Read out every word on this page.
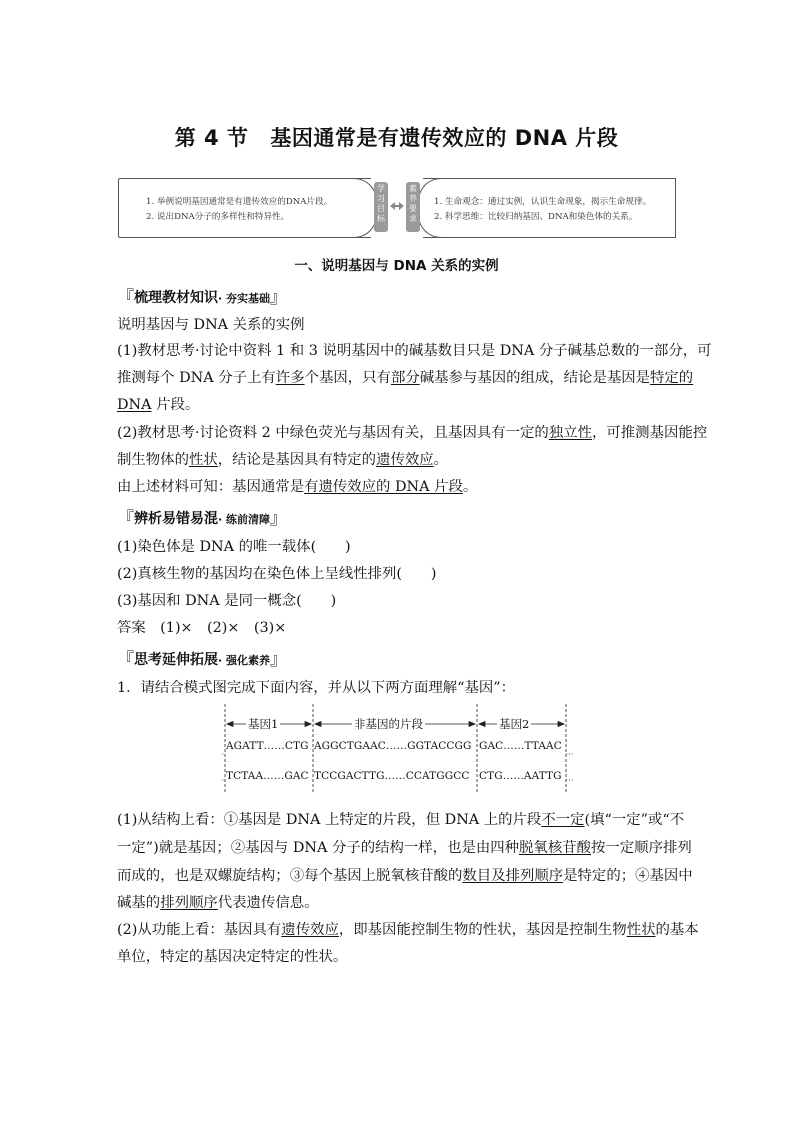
第 4 节 基因通常是有遗传效应的 DNA 片段
1. 举例说明基因通常是有遗传效应的DNA片段。
2. 说出DNA分子的多样性和特异性。
学
习
目
标
素
养
要
求
1. 生命观念：通过实例，认识生命现象，揭示生命规律。
2. 科学思维：比较归纳基因、DNA和染色体的关系。
一、说明基因与 DNA 关系的实例
『梳理教材知识· 夯实基础』
说明基因与 DNA 关系的实例
(1)教材思考·讨论中资料 1 和 3 说明基因中的碱基数目只是 DNA 分子碱基总数的一部分，可
推测每个 DNA 分子上有许多个基因，只有部分碱基参与基因的组成，结论是基因是特定的
DNA 片段。
(2)教材思考·讨论资料 2 中绿色荧光与基因有关，且基因具有一定的独立性，可推测基因能控
制生物体的性状，结论是基因具有特定的遗传效应。
由上述材料可知：基因通常是有遗传效应的 DNA 片段。
『辨析易错易混· 练前清障』
(1)染色体是 DNA 的唯一载体(　　)
(2)真核生物的基因均在染色体上呈线性排列(　　)
(3)基因和 DNA 是同一概念(　　)
答案　(1)×　(2)×　(3)×
『思考延伸拓展· 强化素养』
1．请结合模式图完成下面内容，并从以下两方面理解“基因”：
基因1	非基因的片段	基因2
AGATT……CTG AGGCTGAAC……GGTACCGG GAC……TTAAC
TCTAA……GAC TCCGACTTG……CCATGGCC CTG……AATTG
(1)从结构上看：①基因是 DNA 上特定的片段，但 DNA 上的片段不一定(填“一定”或“不
一定”)就是基因；②基因与 DNA 分子的结构一样，也是由四种脱氧核苷酸按一定顺序排列
而成的，也是双螺旋结构；③每个基因上脱氧核苷酸的数目及排列顺序是特定的；④基因中
碱基的排列顺序代表遗传信息。
(2)从功能上看：基因具有遗传效应，即基因能控制生物的性状，基因是控制生物性状的基本
单位，特定的基因决定特定的性状。
